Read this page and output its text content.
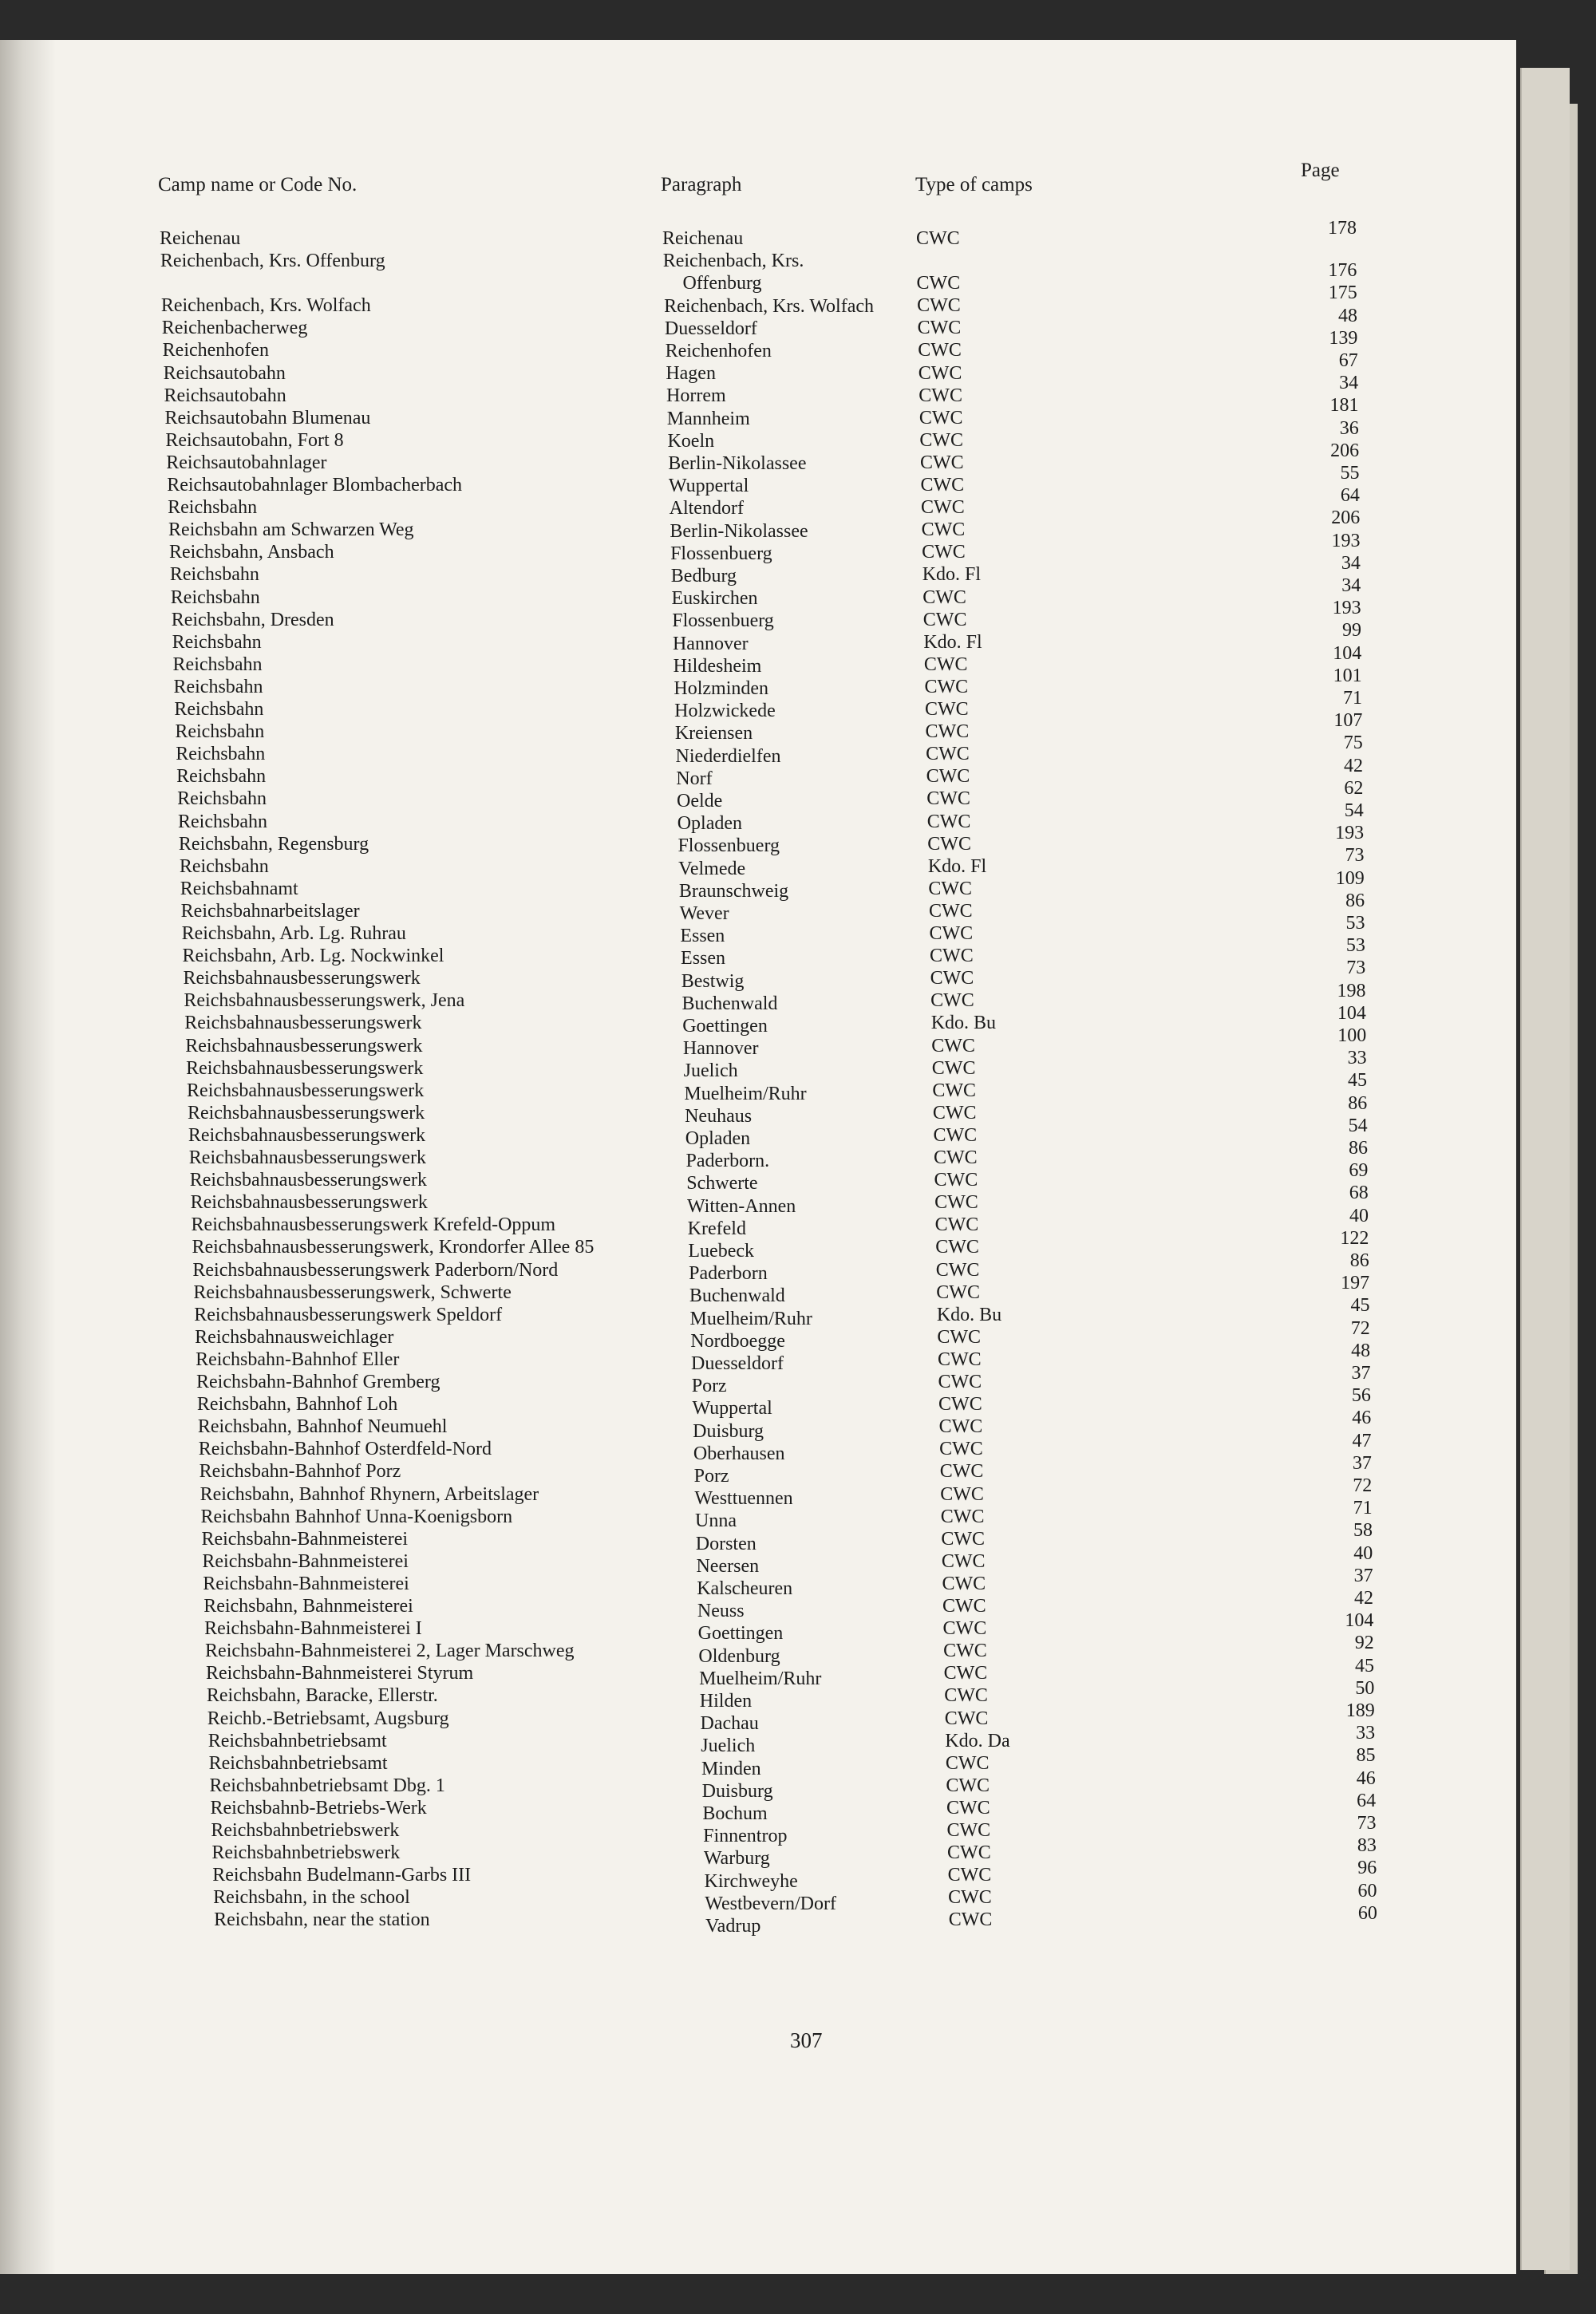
Camp name or Code No.	Paragraph	Type of camps
Page
Reichenau
Reichenbach, Krs. Offenburg
Reichenbach, Krs. Wolfach
Reichenbacherweg
Reichenhofen
Reichsautobahn
Reichsautobahn
Reichsautobahn Blumenau
Reichsautobahn, Fort 8
Reichsautobahnlager
Reichsautobahnlager Blombacherbach
Reichsbahn
Reichsbahn am Schwarzen Weg
Reichsbahn, Ansbach
Reichsbahn
Reichsbahn
Reichsbahn, Dresden
Reichsbahn
Reichsbahn
Reichsbahn
Reichsbahn
Reichsbahn
Reichsbahn
Reichsbahn
Reichsbahn
Reichsbahn
Reichsbahn, Regensburg
Reichsbahn
Reichsbahnamt
Reichsbahnarbeitslager
Reichsbahn, Arb. Lg. Ruhrau
Reichsbahn, Arb. Lg. Nockwinkel
Reichsbahnausbesserungswerk
Reichsbahnausbesserungswerk, Jena
Reichsbahnausbesserungswerk
Reichsbahnausbesserungswerk
Reichsbahnausbesserungswerk
Reichsbahnausbesserungswerk
Reichsbahnausbesserungswerk
Reichsbahnausbesserungswerk
Reichsbahnausbesserungswerk
Reichsbahnausbesserungswerk
Reichsbahnausbesserungswerk
Reichsbahnausbesserungswerk Krefeld-Oppum
Reichsbahnausbesserungswerk, Krondorfer Allee 85
Reichsbahnausbesserungswerk Paderborn/Nord
Reichsbahnausbesserungswerk, Schwerte
Reichsbahnausbesserungswerk Speldorf
Reichsbahnausweichlager
Reichsbahn-Bahnhof Eller
Reichsbahn-Bahnhof Gremberg
Reichsbahn, Bahnhof Loh
Reichsbahn, Bahnhof Neumuehl
Reichsbahn-Bahnhof Osterdfeld-Nord
Reichsbahn-Bahnhof Porz
Reichsbahn, Bahnhof Rhynern, Arbeitslager
Reichsbahn Bahnhof Unna-Koenigsborn
Reichsbahn-Bahnmeisterei
Reichsbahn-Bahnmeisterei
Reichsbahn-Bahnmeisterei
Reichsbahn, Bahnmeisterei
Reichsbahn-Bahnmeisterei I
Reichsbahn-Bahnmeisterei 2, Lager Marschweg
Reichsbahn-Bahnmeisterei Styrum
Reichsbahn, Baracke, Ellerstr.
Reichb.-Betriebsamt, Augsburg
Reichsbahnbetriebsamt
Reichsbahnbetriebsamt
Reichsbahnbetriebsamt Dbg. 1
Reichsbahnb-Betriebs-Werk
Reichsbahnbetriebswerk
Reichsbahnbetriebswerk
Reichsbahn Budelmann-Garbs III
Reichsbahn, in the school
Reichsbahn, near the station
Reichenau
Reichenbach, Krs.
Offenburg
Reichenbach, Krs. Wolfach
Duesseldorf
Reichenhofen
Hagen
Horrem
Mannheim
Koeln
Berlin-Nikolassee
Wuppertal
Altendorf
Berlin-Nikolassee
Flossenbuerg
Bedburg
Euskirchen
Flossenbuerg
Hannover
Hildesheim
Holzminden
Holzwickede
Kreiensen
Niederdielfen
Norf
Oelde
Opladen
Flossenbuerg
Velmede
Braunschweig
Wever
Essen
Essen
Bestwig
Buchenwald
Goettingen
Hannover
Juelich
Muelheim/Ruhr
Neuhaus
Opladen
Paderborn.
Schwerte
Witten-Annen
Krefeld
Luebeck
Paderborn
Buchenwald
Muelheim/Ruhr
Nordboegge
Duesseldorf
Porz
Wuppertal
Duisburg
Oberhausen
Porz
Westtuennen
Unna
Dorsten
Neersen
Kalscheuren
Neuss
Goettingen
Oldenburg
Muelheim/Ruhr
Hilden
Dachau
Juelich
Minden
Duisburg
Bochum
Finnentrop
Warburg
Kirchweyhe
Westbevern/Dorf
Vadrup
CWC
CWC
CWC
CWC
CWC
CWC
CWC
CWC
CWC
CWC
CWC
CWC
CWC
CWC
Kdo. Fl
CWC
CWC
Kdo. Fl
CWC
CWC
CWC
CWC
CWC
CWC
CWC
CWC
CWC
Kdo. Fl
CWC
CWC
CWC
CWC
CWC
CWC
Kdo. Bu
CWC
CWC
CWC
CWC
CWC
CWC
CWC
CWC
CWC
CWC
CWC
CWC
Kdo. Bu
CWC
CWC
CWC
CWC
CWC
CWC
CWC
CWC
CWC
CWC
CWC
CWC
CWC
CWC
CWC
CWC
CWC
CWC
Kdo. Da
CWC
CWC
CWC
CWC
CWC
CWC
CWC
CWC
178
176
175
48
139
67
34
181
36
206
55
64
206
193
34
34
193
99
104
101
71
107
75
42
62
54
193
73
109
86
53
53
73
198
104
100
33
45
86
54
86
69
68
40
122
86
197
45
72
48
37
56
46
47
37
72
71
58
40
37
42
104
92
45
50
189
33
85
46
64
73
83
96
60
60
307
